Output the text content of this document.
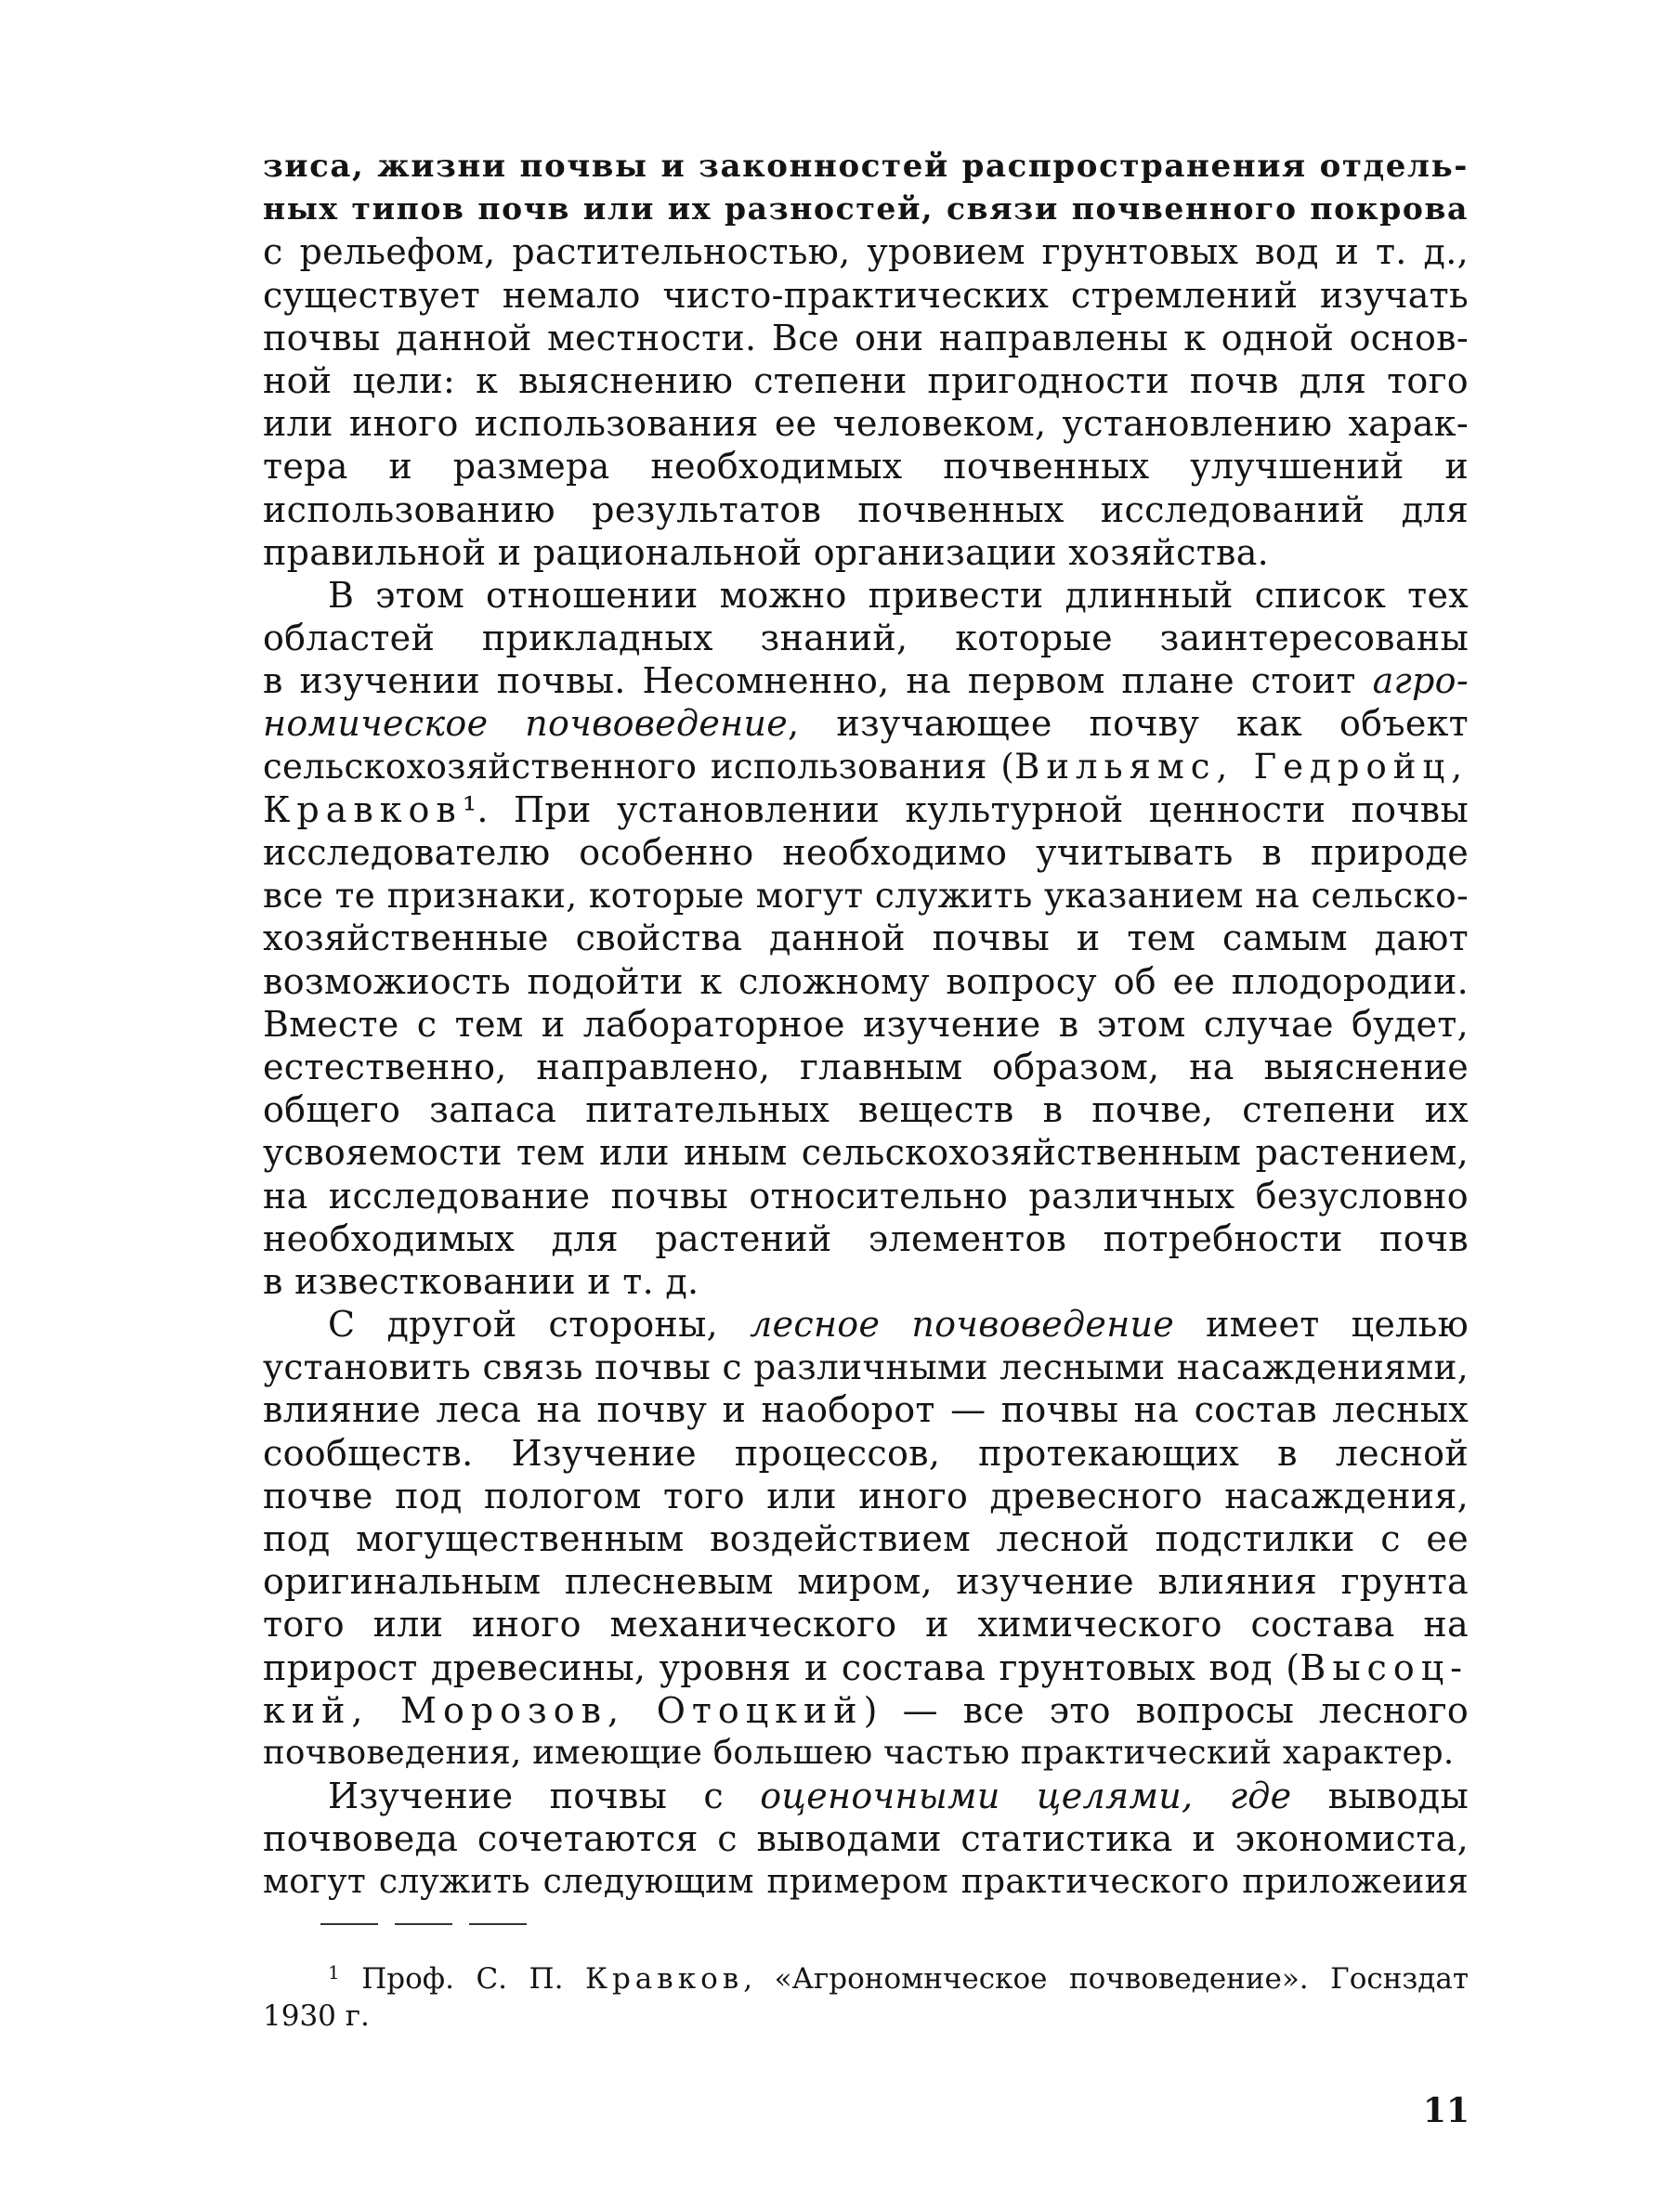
зиса, жизни почвы и законностей распространения отдель-
ных типов почв или их разностей, связи почвенного покрова
с рельефом, растительностью, уровием грунтовых вод и т. д.,
существует немало чисто-практических стремлений изучать
почвы данной местности. Все они направлены к одной основ-
ной цели: к выяснению степени пригодности почв для того
или иного использования ее человеком, установлению харак-
тера и размера необходимых почвенных улучшений и
использованию результатов почвенных исследований для
правильной и рациональной организации хозяйства.
В этом отношении можно привести длинный список тех
областей прикладных знаний, которые заинтересованы
в изучении почвы. Несомненно, на первом плане стоит агро-
номическое почвоведение, изучающее почву как объект
сельскохозяйственного использования (Вильямс, Гедройц,
Кравков¹. При установлении культурной ценности почвы
исследователю особенно необходимо учитывать в природе
все те признаки, которые могут служить указанием на сельско-
хозяйственные свойства данной почвы и тем самым дают
возможиость подойти к сложному вопросу об ее плодородии.
Вместе с тем и лабораторное изучение в этом случае будет,
естественно, направлено, главным образом, на выяснение
общего запаса питательных веществ в почве, степени их
усвояемости тем или иным сельскохозяйственным растением,
на исследование почвы относительно различных безусловно
необходимых для растений элементов потребности почв
в известковании и т. д.
С другой стороны, лесное почвоведение имеет целью
установить связь почвы с различными лесными насаждениями,
влияние леса на почву и наоборот — почвы на состав лесных
сообществ. Изучение процессов, протекающих в лесной
почве под пологом того или иного древесного насаждения,
под могущественным воздействием лесной подстилки с ее
оригинальным плесневым миром, изучение влияния грунта
того или иного механического и химического состава на
прирост древесины, уровня и состава грунтовых вод (Высоц-
кий, Морозов, Отоцкий) — все это вопросы лесного
почвоведения, имеющие большею частью практический характер.
Изучение почвы с оценочными целями, где выводы
почвоведа сочетаются с выводами статистика и экономиста,
могут служить следующим примером практического приложеиия
$^1$ Проф. С. П. Кравков, «Агрономнческое почвоведение». Госнздат
1930 г.
11
